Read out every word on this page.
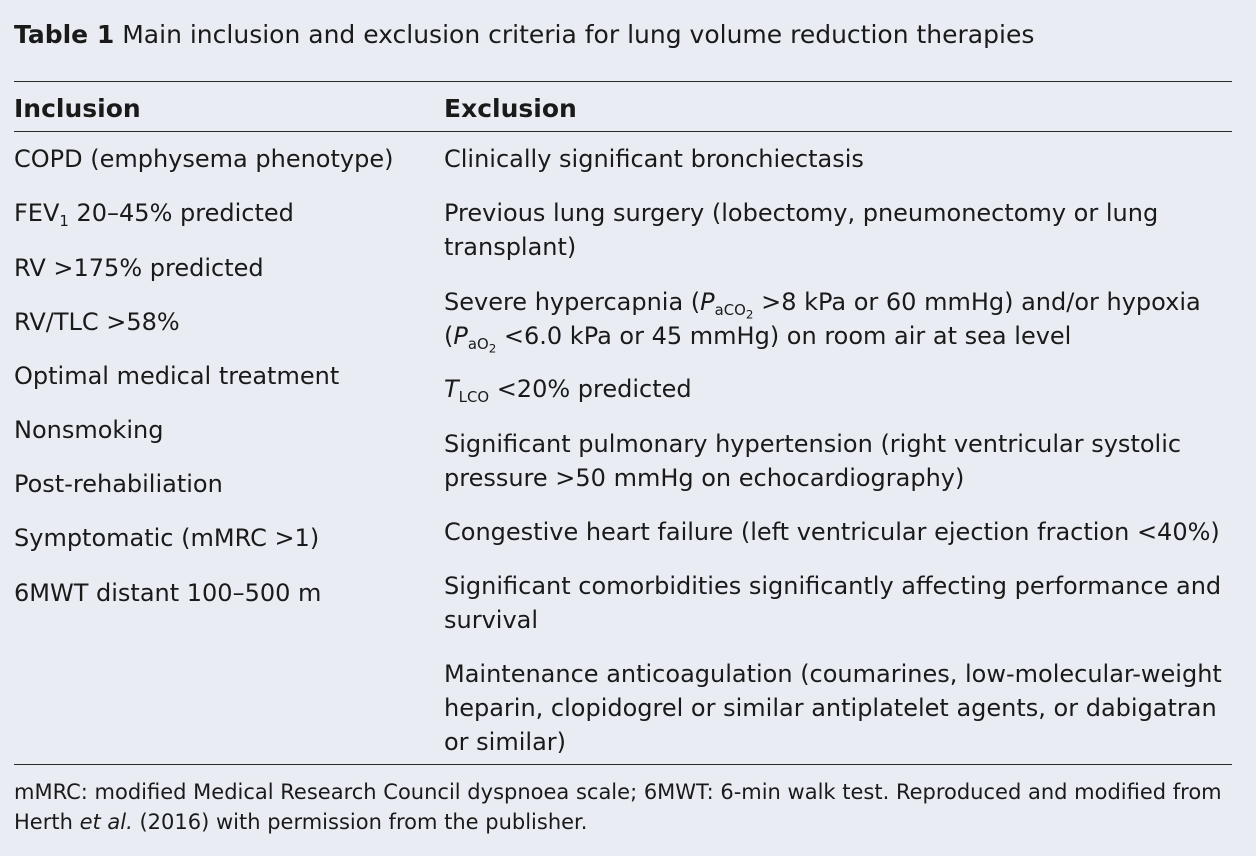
Table 1 Main inclusion and exclusion criteria for lung volume reduction therapies
Inclusion	Exclusion
COPD (emphysema phenotype)
$FEV_1$ 20–45% predicted
RV >175% predicted
RV/TLC >58%
Optimal medical treatment
Nonsmoking
Post-rehabiliation
Symptomatic (mMRC >1)
6MWT distant 100–500 m
Clinically significant bronchiectasis
Previous lung surgery (lobectomy, pneumonectomy or lung transplant)
Severe hypercapnia ($P_{aCO_2} >8$ kPa or 60 mmHg) and/or hypoxia ($P_{aO_2} <6.0$ kPa or 45 mmHg) on room air at sea level
$T_{LCO} <20\%$ predicted
Significant pulmonary hypertension (right ventricular systolic pressure >50 mmHg on echocardiography)
Congestive heart failure (left ventricular ejection fraction <40%)
Significant comorbidities significantly affecting performance and survival
Maintenance anticoagulation (coumarines, low-molecular-weight heparin, clopidogrel or similar antiplatelet agents, or dabigatran or similar)
mMRC: modified Medical Research Council dyspnoea scale; 6MWT: 6-min walk test. Reproduced and modified from Herth et al. (2016) with permission from the publisher.
